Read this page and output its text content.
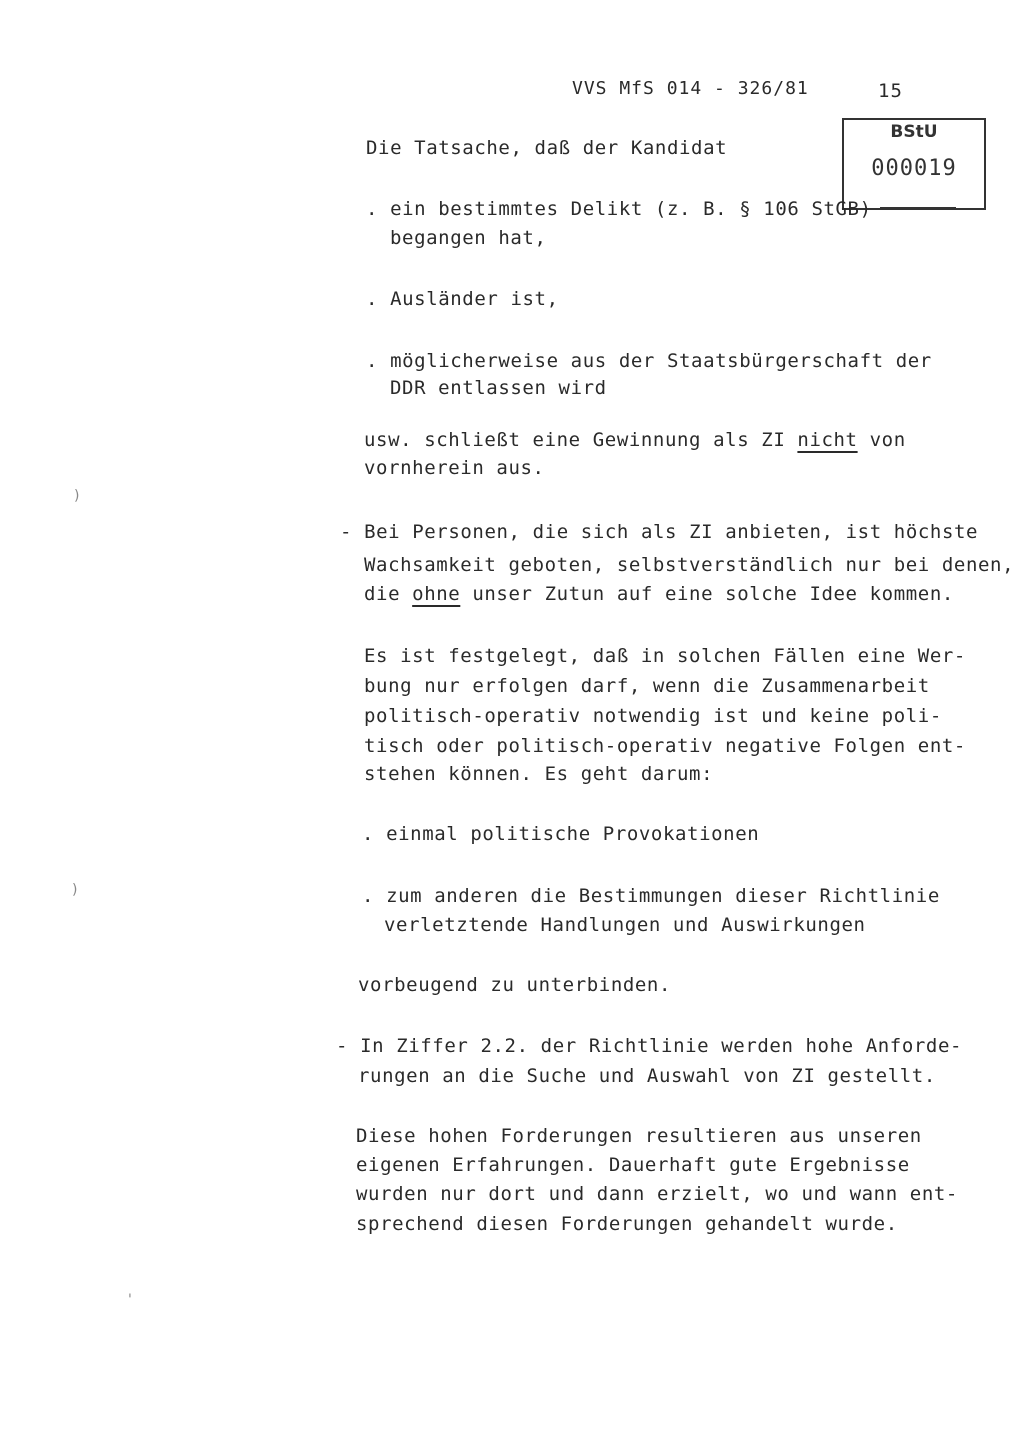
VVS MfS 014 - 326/81	15
BStU
000019
Die Tatsache, daß der Kandidat
. ein bestimmtes Delikt (z. B. § 106 StGB)
begangen hat,
. Ausländer ist,
. möglicherweise aus der Staatsbürgerschaft der
DDR entlassen wird
usw. schließt eine Gewinnung als ZI nicht von
vornherein aus.
- Bei Personen, die sich als ZI anbieten, ist höchste
Wachsamkeit geboten, selbstverständlich nur bei denen,
die ohne unser Zutun auf eine solche Idee kommen.
Es ist festgelegt, daß in solchen Fällen eine Wer-
bung nur erfolgen darf, wenn die Zusammenarbeit
politisch-operativ notwendig ist und keine poli-
tisch oder politisch-operativ negative Folgen ent-
stehen können. Es geht darum:
. einmal politische Provokationen
. zum anderen die Bestimmungen dieser Richtlinie
verletztende Handlungen und Auswirkungen
vorbeugend zu unterbinden.
- In Ziffer 2.2. der Richtlinie werden hohe Anforde-
rungen an die Suche und Auswahl von ZI gestellt.
Diese hohen Forderungen resultieren aus unseren
eigenen Erfahrungen. Dauerhaft gute Ergebnisse
wurden nur dort und dann erzielt, wo und wann ent-
sprechend diesen Forderungen gehandelt wurde.
)
)
'
